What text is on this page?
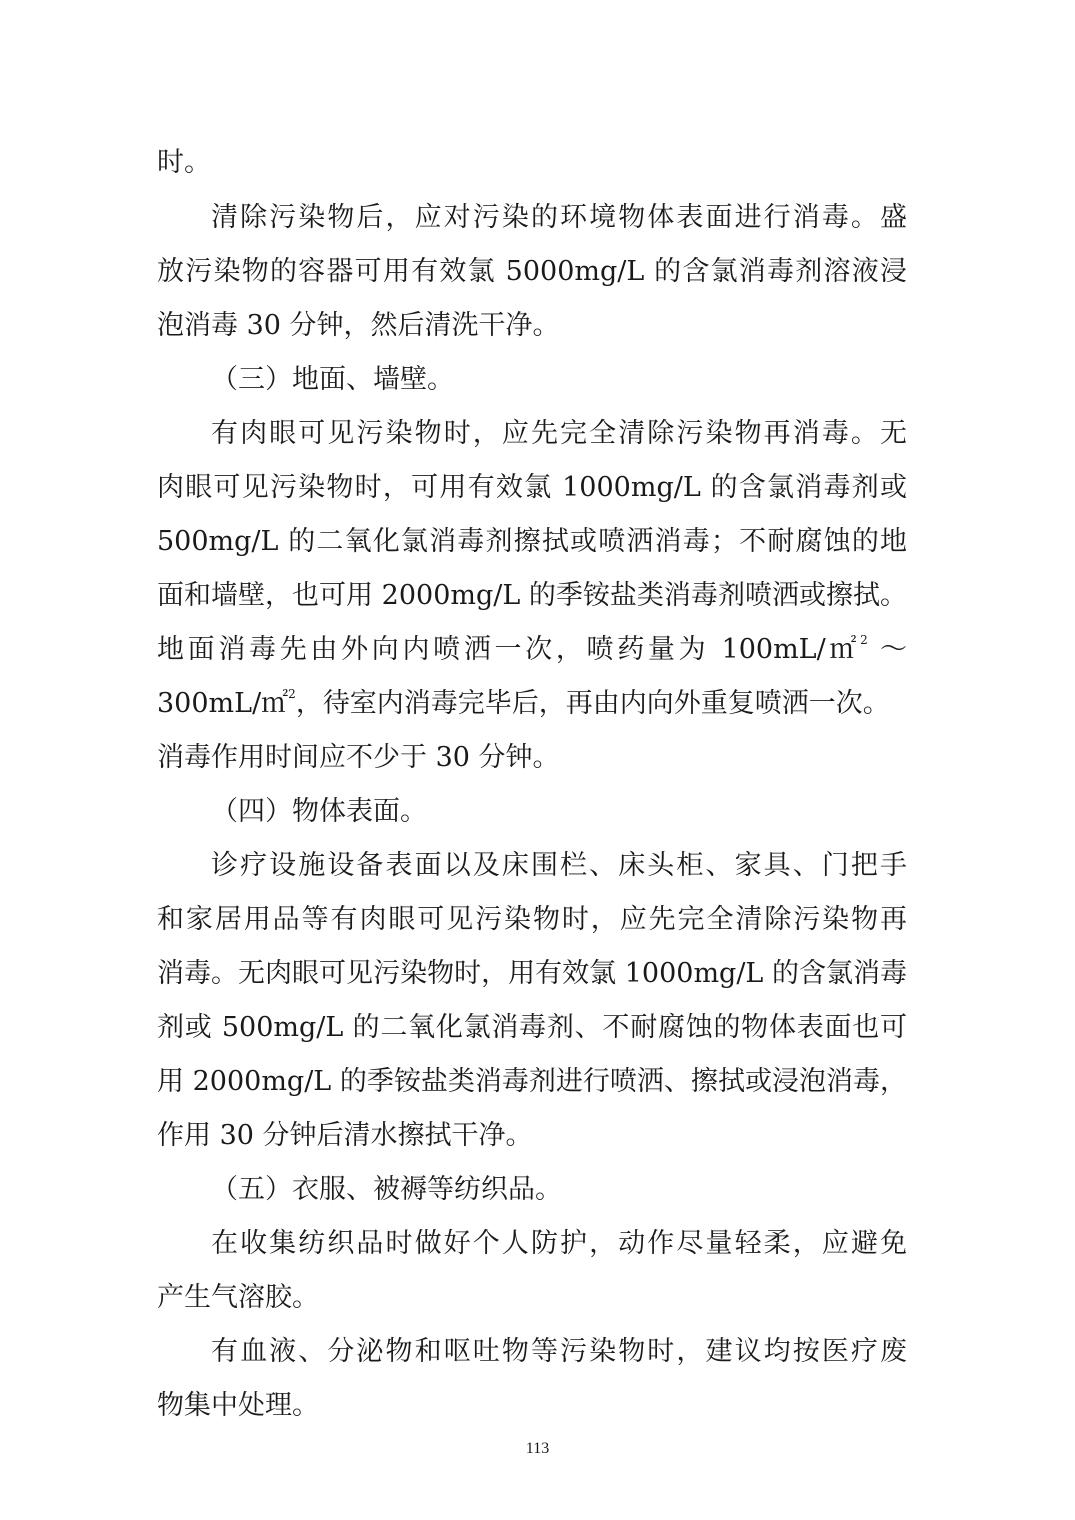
时。
清除污染物后，应对污染的环境物体表面进行消毒。盛
放污染物的容器可用有效氯 5000mg/L 的含氯消毒剂溶液浸
泡消毒 30 分钟，然后清洗干净。
（三）地面、墙壁。
有肉眼可见污染物时，应先完全清除污染物再消毒。无
肉眼可见污染物时，可用有效氯 1000mg/L 的含氯消毒剂或
500mg/L 的二氧化氯消毒剂擦拭或喷洒消毒；不耐腐蚀的地
面和墙壁，也可用 2000mg/L 的季铵盐类消毒剂喷洒或擦拭。
地面消毒先由外向内喷洒一次，喷药量为 100mL/㎡$^2$ ～
300mL/㎡$^2$，待室内消毒完毕后，再由内向外重复喷洒一次。
消毒作用时间应不少于 30 分钟。
（四）物体表面。
诊疗设施设备表面以及床围栏、床头柜、家具、门把手
和家居用品等有肉眼可见污染物时，应先完全清除污染物再
消毒。无肉眼可见污染物时，用有效氯 1000mg/L 的含氯消毒
剂或 500mg/L 的二氧化氯消毒剂、不耐腐蚀的物体表面也可
用 2000mg/L 的季铵盐类消毒剂进行喷洒、擦拭或浸泡消毒，
作用 30 分钟后清水擦拭干净。
（五）衣服、被褥等纺织品。
在收集纺织品时做好个人防护，动作尽量轻柔，应避免
产生气溶胶。
有血液、分泌物和呕吐物等污染物时，建议均按医疗废
物集中处理。
113
